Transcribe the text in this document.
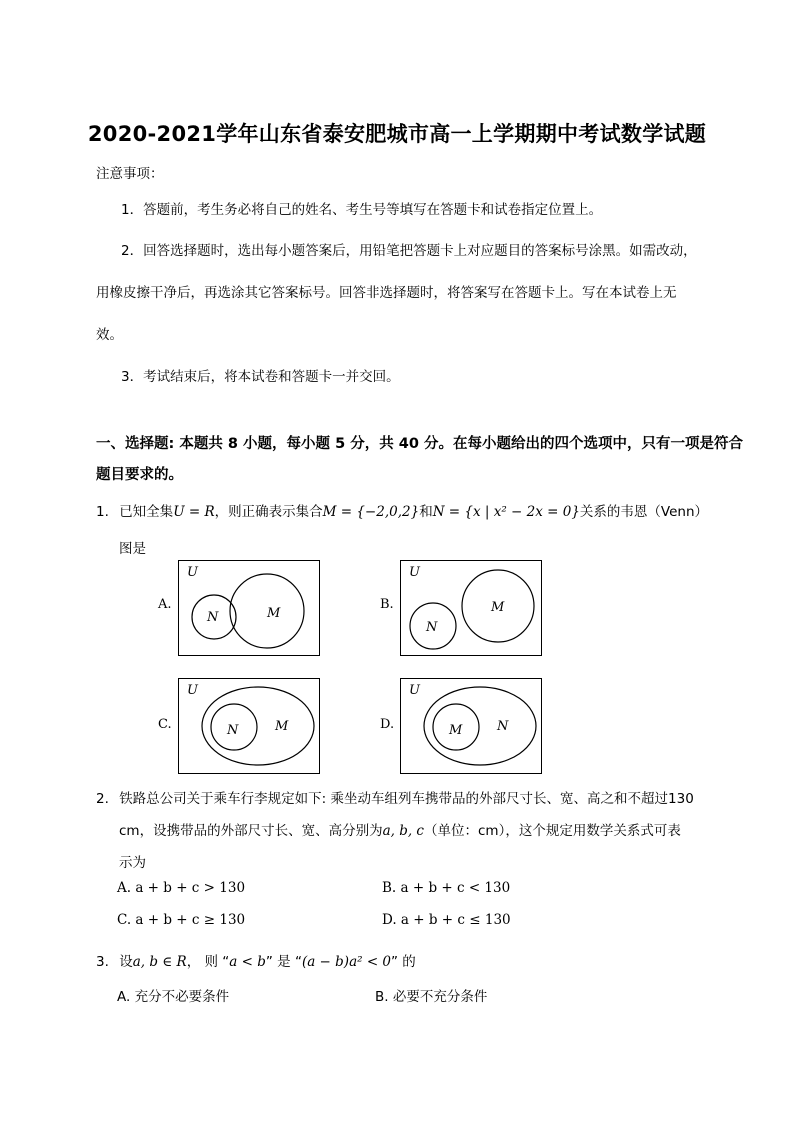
2020-2021学年山东省泰安肥城市高一上学期期中考试数学试题
注意事项：
1．答题前，考生务必将自己的姓名、考生号等填写在答题卡和试卷指定位置上。
2．回答选择题时，选出每小题答案后，用铅笔把答题卡上对应题目的答案标号涂黑。如需改动，
用橡皮擦干净后，再选涂其它答案标号。回答非选择题时，将答案写在答题卡上。写在本试卷上无
效。
3．考试结束后，将本试卷和答题卡一并交回。
一、选择题: 本题共 8 小题，每小题 5 分，共 40 分。在每小题给出的四个选项中，只有一项是符合
题目要求的。
1. 已知全集U = R，则正确表示集合M = {−2,0,2}和N = {x | x² − 2x = 0}关系的韦恩（Venn）
图是
A.
U
N	M
B.
U
N
M
C.
U
N	M	D.
U
M	N
2. 铁路总公司关于乘车行李规定如下: 乘坐动车组列车携带品的外部尺寸长、宽、高之和不超过130
cm，设携带品的外部尺寸长、宽、高分别为a, b, c（单位：cm），这个规定用数学关系式可表
示为
A. a + b + c > 130	B. a + b + c < 130
C. a + b + c ≥ 130	D. a + b + c ≤ 130
3. 设a, b ∈ R， 则 “a < b” 是 “(a − b)a² < 0” 的
A. 充分不必要条件	B. 必要不充分条件
